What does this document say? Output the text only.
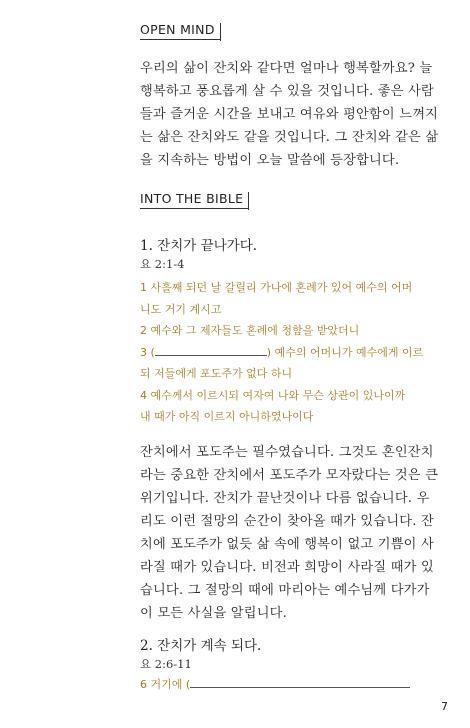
OPEN MIND
우리의 삶이 잔치와 같다면 얼마나 행복할까요? 늘
행복하고 풍요롭게 살 수 있을 것입니다. 좋은 사람
들과 즐거운 시간을 보내고 여유와 평안함이 느껴지
는 삶은 잔치와도 같을 것입니다. 그 잔치와 같은 삶
을 지속하는 방법이 오늘 말씀에 등장합니다.
INTO THE BIBLE
1. 잔치가 끝나가다.
요 2:1-4
1 사흘째 되던 날 갈릴리 가나에 혼례가 있어 예수의 어머
니도 거기 계시고
2 예수와 그 제자들도 혼례에 청함을 받았더니
3 (	) 예수의 어머니가 예수에게 이르
되 저들에게 포도주가 없다 하니
4 예수께서 이르시되 여자여 나와 무슨 상관이 있나이까
내 때가 아직 이르지 아니하였나이다
잔치에서 포도주는 필수였습니다. 그것도 혼인잔치
라는 중요한 잔치에서 포도주가 모자랐다는 것은 큰
위기입니다. 잔치가 끝난것이나 다름 없습니다. 우
리도 이런 절망의 순간이 찾아올 때가 있습니다. 잔
치에 포도주가 없듯 삶 속에 행복이 없고 기쁨이 사
라질 때가 있습니다. 비전과 희망이 사라질 때가 있
습니다. 그 절망의 때에 마리아는 예수님께 다가가
이 모든 사실을 알립니다.
2. 잔치가 계속 되다.
요 2:6-11
6 거기에 (
7
